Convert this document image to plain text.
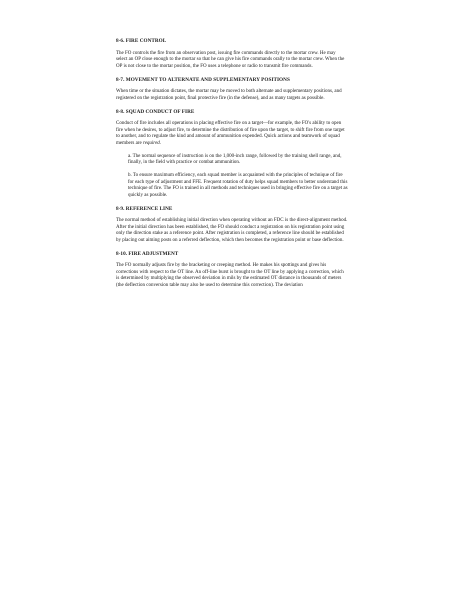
8-6. FIRE CONTROL
The FO controls the fire from an observation post, issuing fire commands directly to the mortar crew. He may select an OP close enough to the mortar so that he can give his fire commands orally to the mortar crew. When the OP is not close to the mortar position, the FO uses a telephone or radio to transmit fire commands.
8-7. MOVEMENT TO ALTERNATE AND SUPPLEMENTARY POSITIONS
When time or the situation dictates, the mortar may be moved to both alternate and supplementary positions, and registered on the registration point, final protective fire (in the defense), and as many targets as possible.
8-8. SQUAD CONDUCT OF FIRE
Conduct of fire includes all operations in placing effective fire on a target—for example, the FO's ability to open fire when he desires, to adjust fire, to determine the distribution of fire upon the target, to shift fire from one target to another, and to regulate the kind and amount of ammunition expended. Quick actions and teamwork of squad members are required.
a. The normal sequence of instruction is on the 1,000-inch range, followed by the training shell range, and, finally, in the field with practice or combat ammunition.
b. To ensure maximum efficiency, each squad member is acquainted with the principles of technique of fire for each type of adjustment and FFE. Frequent rotation of duty helps squad members to better understand this technique of fire. The FO is trained in all methods and techniques used in bringing effective fire on a target as quickly as possible.
8-9. REFERENCE LINE
The normal method of establishing initial direction when operating without an FDC is the direct-alignment method. After the initial direction has been established, the FO should conduct a registration on his registration point using only the direction stake as a reference point. After registration is completed, a reference line should be established by placing out aiming posts on a referred deflection, which then becomes the registration point or base deflection.
8-10. FIRE ADJUSTMENT
The FO normally adjusts fire by the bracketing or creeping method. He makes his spottings and gives his corrections with respect to the OT line. An off-line burst is brought to the OT line by applying a correction, which is determined by multiplying the observed deviation in mils by the estimated OT distance in thousands of meters (the deflection conversion table may also be used to determine this correction). The deviation
